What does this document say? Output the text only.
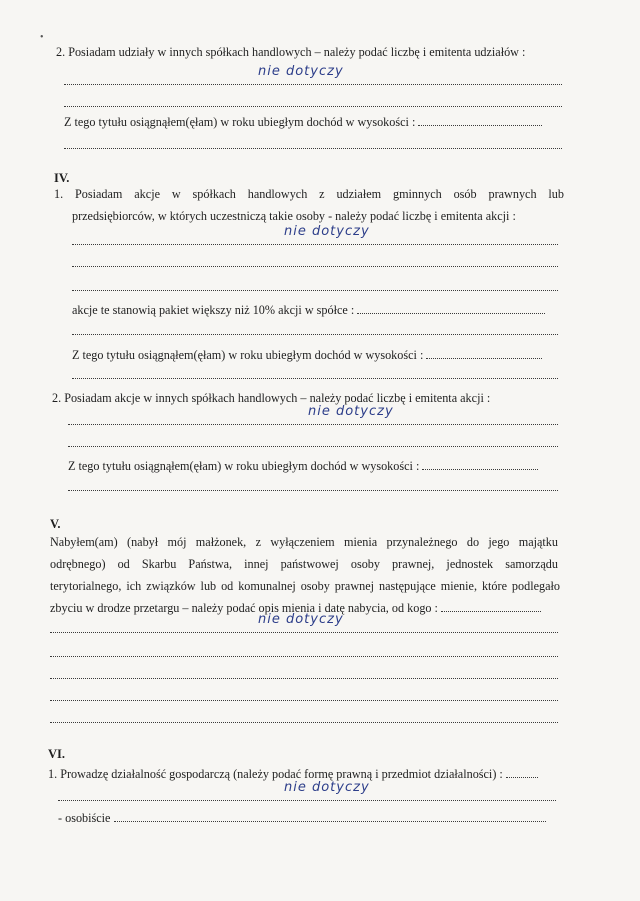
•
2. Posiadam udziały w innych spółkach handlowych – należy podać liczbę i emitenta udziałów :
nie dotyczy
Z tego tytułu osiągnąłem(ęłam) w roku ubiegłym dochód w wysokości :
IV.
1. Posiadam akcje w spółkach handlowych z udziałem gminnych osób prawnych lub
przedsiębiorców, w których uczestniczą takie osoby - należy podać liczbę i emitenta akcji :
nie dotyczy
akcje te stanowią pakiet większy niż 10% akcji w spółce :
Z tego tytułu osiągnąłem(ęłam) w roku ubiegłym dochód w wysokości :
2. Posiadam akcje w innych spółkach handlowych – należy podać liczbę i emitenta akcji :
nie dotyczy
Z tego tytułu osiągnąłem(ęłam) w roku ubiegłym dochód w wysokości :
V.
Nabyłem(am) (nabył mój małżonek, z wyłączeniem mienia przynależnego do jego majątku
odrębnego) od Skarbu Państwa, innej państwowej osoby prawnej, jednostek samorządu
terytorialnego, ich związków lub od komunalnej osoby prawnej następujące mienie, które podlegało
zbyciu w drodze przetargu – należy podać opis mienia i datę nabycia, od kogo :
nie dotyczy
VI.
1. Prowadzę działalność gospodarczą (należy podać formę prawną i przedmiot działalności) :
nie dotyczy
- osobiście
